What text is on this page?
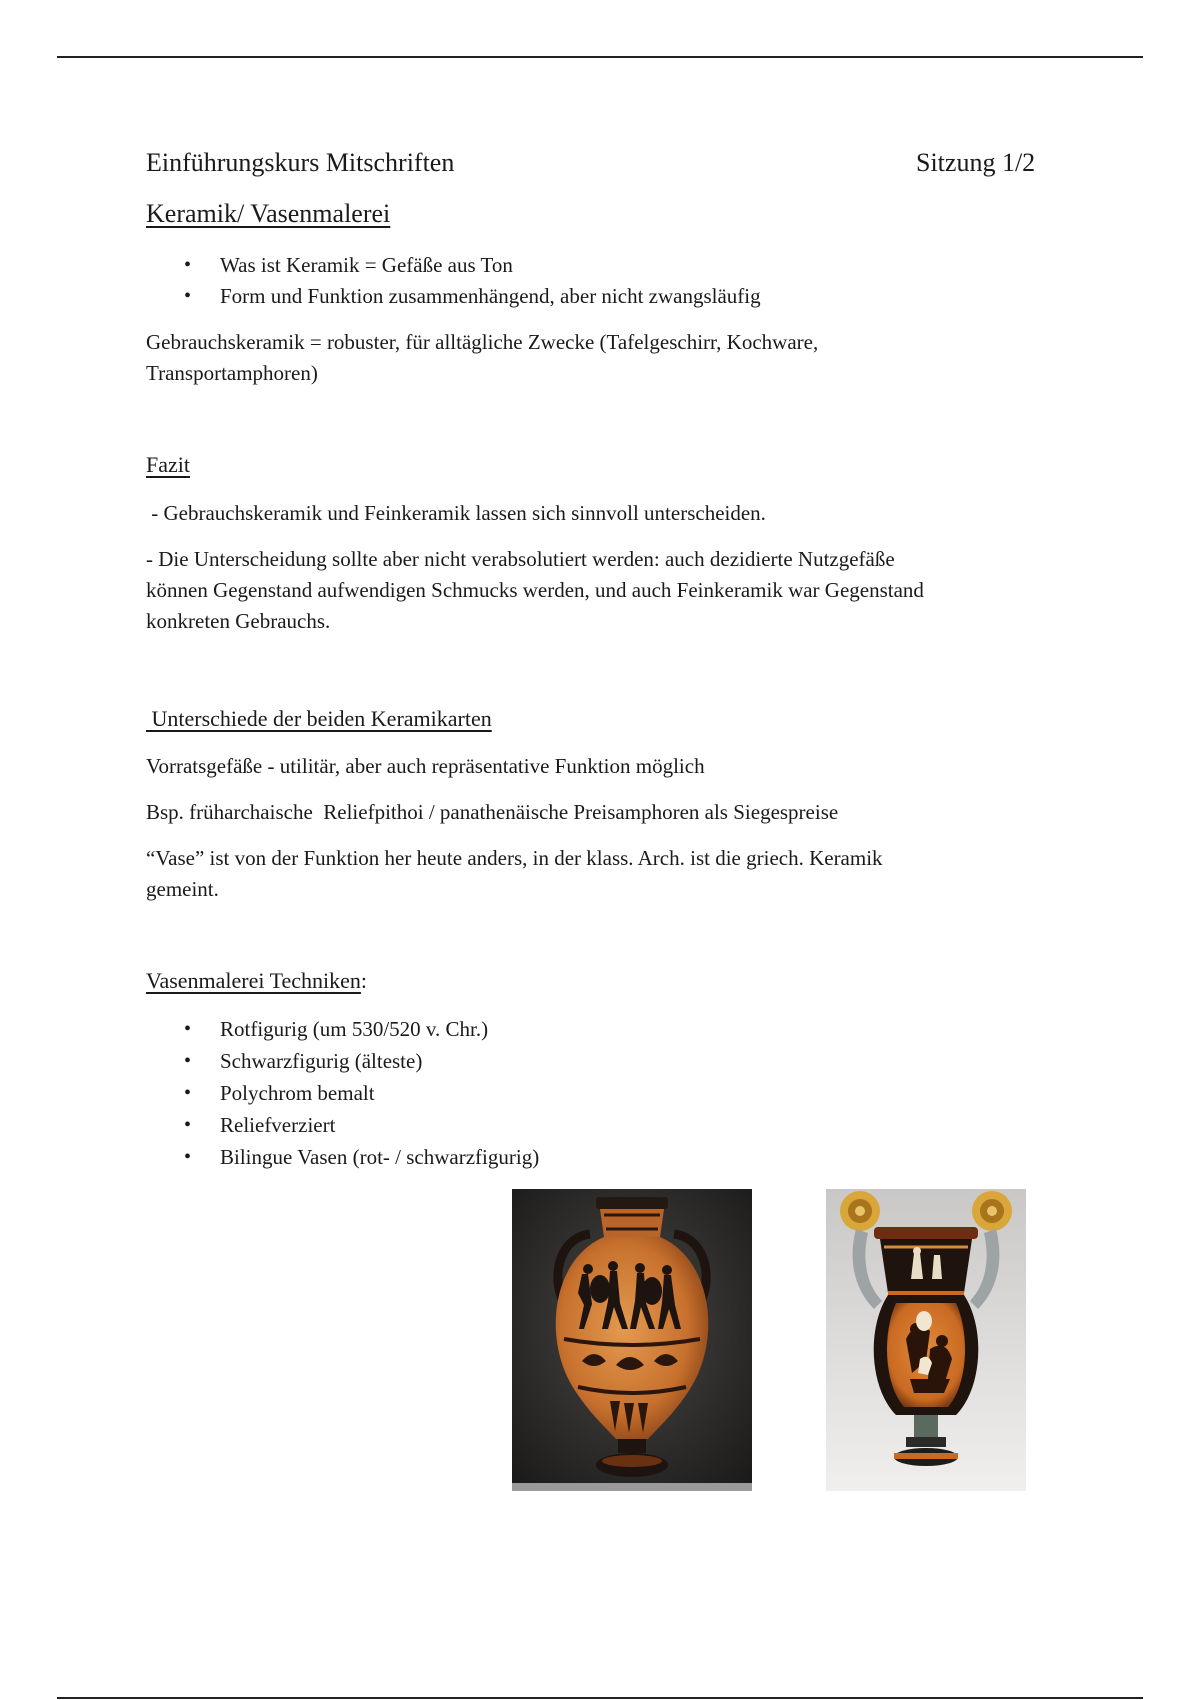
Einführungskurs Mitschriften	Sitzung 1/2
Keramik/ Vasenmalerei
• Was ist Keramik = Gefäße aus Ton
• Form und Funktion zusammenhängend, aber nicht zwangsläufig
Gebrauchskeramik = robuster, für alltägliche Zwecke (Tafelgeschirr, Kochware,
Transportamphoren)
Fazit
- Gebrauchskeramik und Feinkeramik lassen sich sinnvoll unterscheiden.
- Die Unterscheidung sollte aber nicht verabsolutiert werden: auch dezidierte Nutzgefäße
können Gegenstand aufwendigen Schmucks werden, und auch Feinkeramik war Gegenstand
konkreten Gebrauchs.
Unterschiede der beiden Keramikarten
Vorratsgefäße - utilitär, aber auch repräsentative Funktion möglich
Bsp. früharchaische  Reliefpithoi / panathenäische Preisamphoren als Siegespreise
“Vase” ist von der Funktion her heute anders, in der klass. Arch. ist die griech. Keramik
gemeint.
Vasenmalerei Techniken:
• Rotfigurig (um 530/520 v. Chr.)
• Schwarzfigurig (älteste)
• Polychrom bemalt
• Reliefverziert
• Bilingue Vasen (rot- / schwarzfigurig)
